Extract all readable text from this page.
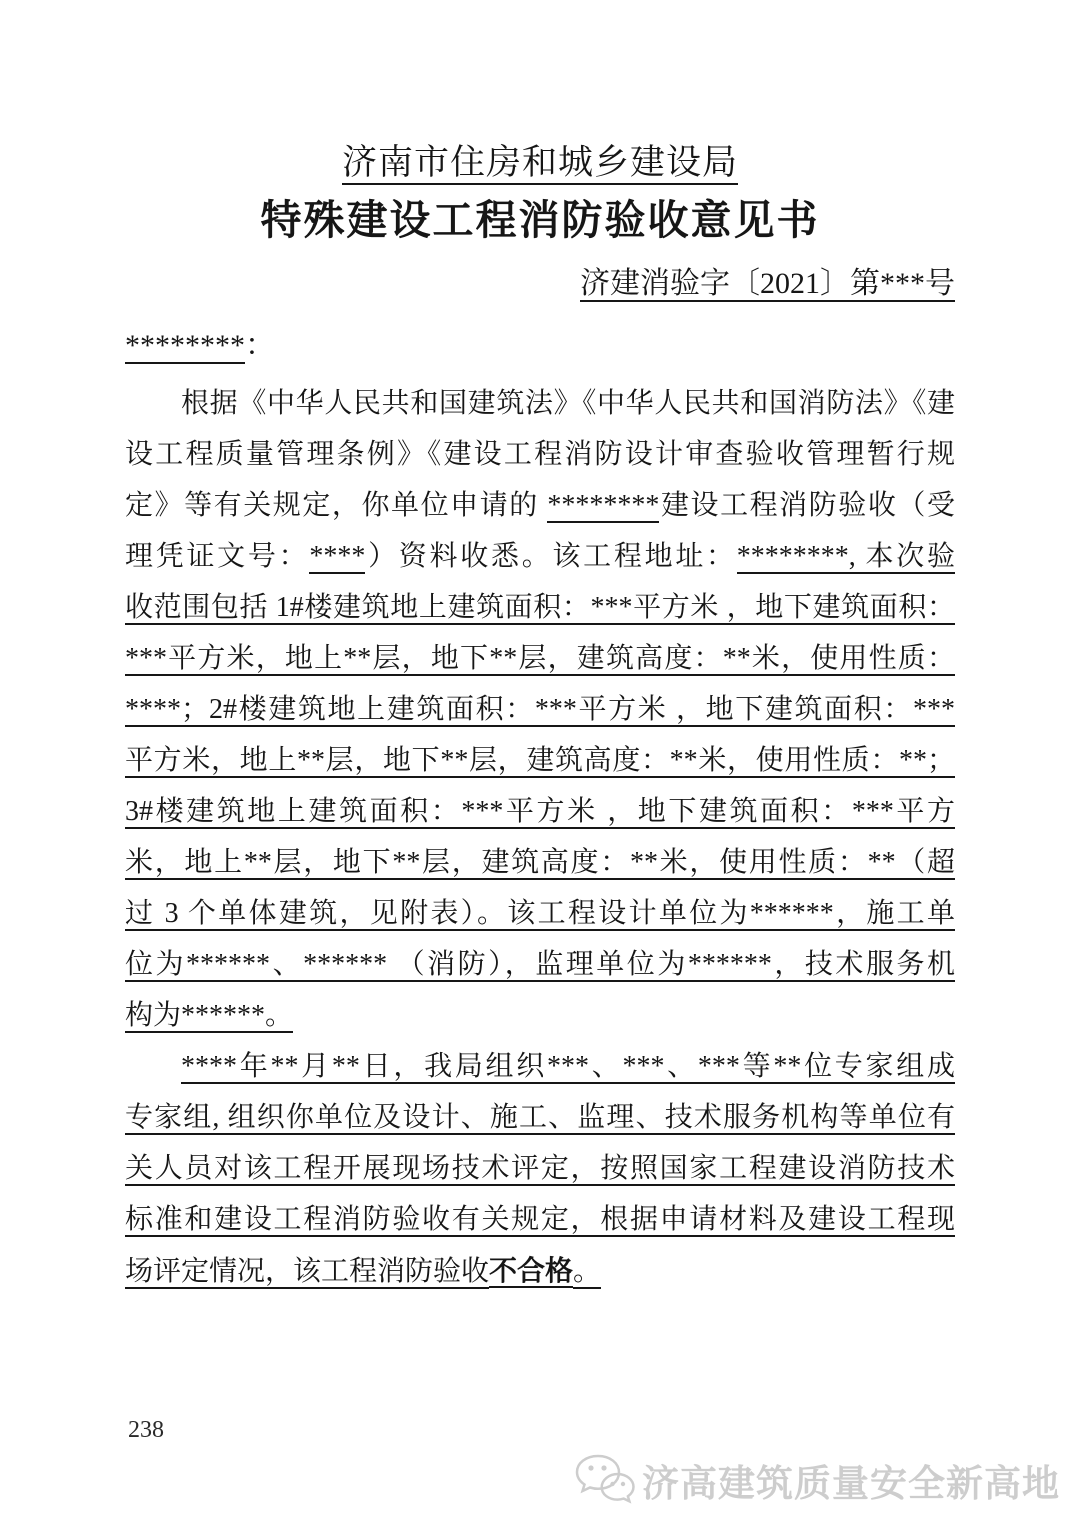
济南市住房和城乡建设局
特殊建设工程消防验收意见书
济建消验字〔2021〕第***号
********：
根据《中华人民共和国建筑法》《中华人民共和国消防法》《建
设工程质量管理条例》《建设工程消防设计审查验收管理暂行规
定》等有关规定，你单位申请的 ********建设工程消防验收（受
理凭证文号：****）资料收悉。该工程地址：********, 本次验
收范围包括 1#楼建筑地上建筑面积：***平方米 ，地下建筑面积：
***平方米，地上**层，地下**层，建筑高度：**米，使用性质：
****；2#楼建筑地上建筑面积：***平方米 ，地下建筑面积：***
平方米，地上**层，地下**层，建筑高度：**米，使用性质：**；
3#楼建筑地上建筑面积：***平方米 ，地下建筑面积：***平方
米，地上**层，地下**层，建筑高度：**米，使用性质：**（超
过 3 个单体建筑，见附表）。该工程设计单位为******，施工单
位为******、****** （消防），监理单位为******，技术服务机
构为******。
****年**月**日，我局组织***、***、***等**位专家组成
专家组, 组织你单位及设计、施工、监理、技术服务机构等单位有
关人员对该工程开展现场技术评定，按照国家工程建设消防技术
标准和建设工程消防验收有关规定，根据申请材料及建设工程现
场评定情况，该工程消防验收不合格。
238
济高建筑质量安全新高地
